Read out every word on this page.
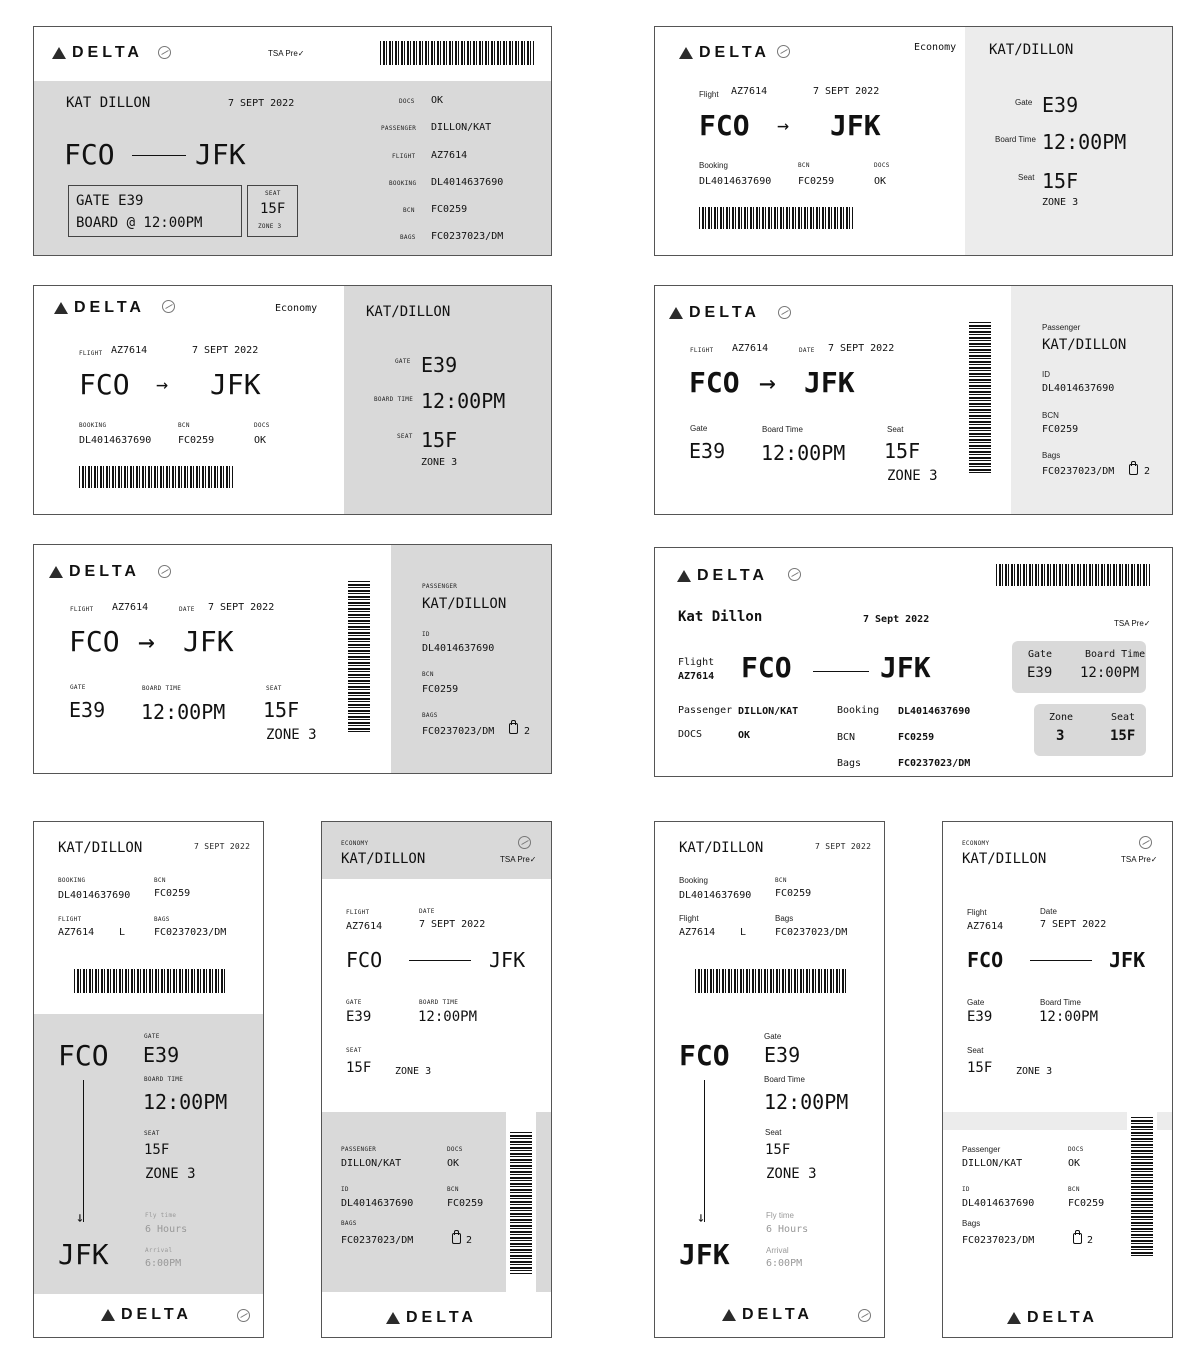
DELTA	TSA Pre✓
KAT DILLON	7 SEPT 2022
FCO	JFK
GATE E39
BOARD @ 12:00PM
SEAT
15F
ZONE 3
DOCS OK
PASSENGER DILLON/KAT
FLIGHT AZ7614
BOOKING DL4014637690
BCN FC0259
BAGS FC0237023/DM
DELTA	Economy KAT/DILLON
Flight AZ7614	7 SEPT 2022
FCO → JFK
Booking	BCN	DOCS
DL4014637690	FC0259	OK
Gate E39
Board Time 12:00PM
Seat 15F
ZONE 3
DELTA	Economy	KAT/DILLON
FLIGHT AZ7614	7 SEPT 2022
FCO → JFK
BOOKING	BCN	DOCS
DL4014637690	FC0259	OK
GATE E39
BOARD TIME 12:00PM
SEAT 15F
ZONE 3
DELTA
FLIGHT AZ7614	DATE 7 SEPT 2022
FCO → JFK
Gate	Board Time	Seat
E39 12:00PM 15F
ZONE 3
Passenger
KAT/DILLON
ID
DL4014637690
BCN
FC0259
Bags
FC0237023/DM	2
DELTA
FLIGHT AZ7614	DATE 7 SEPT 2022
FCO → JFK
GATE	BOARD TIME	SEAT
E39 12:00PM 15F
ZONE 3
PASSENGER
KAT/DILLON
ID
DL4014637690
BCN
FC0259
BAGS
FC0237023/DM	2
DELTA
Kat Dillon	7 Sept 2022	TSA Pre✓
Flight
AZ7614 FCO	JFK
Passenger DILLON/KAT
DOCS	OK
Booking DL4014637690
BCN	FC0259
Bags	FC0237023/DM
Gate	Board Time
E39 12:00PM
Zone	Seat
3	15F
KAT/DILLON	7 SEPT 2022
BOOKING
DL4014637690
BCN
FC0259
FLIGHT
AZ7614 L
BAGS
FC0237023/DM
FCO
→
JFK
GATE
E39
BOARD TIME
12:00PM
SEAT
15F
ZONE 3
Fly time
6 Hours
Arrival
6:00PM
DELTA
ECONOMY
KAT/DILLON	TSA Pre✓
FLIGHT
AZ7614
DATE
7 SEPT 2022
FCO	JFK
GATE
E39
BOARD TIME
12:00PM
SEAT
15F ZONE 3
PASSENGER
DILLON/KAT
DOCS
OK
ID
DL4014637690
BCN
FC0259
BAGS
FC0237023/DM	2
DELTA
KAT/DILLON	7 SEPT 2022
Booking
DL4014637690
BCN
FC0259
Flight
AZ7614 L
Bags
FC0237023/DM
FCO
→
JFK
Gate
E39
Board Time
12:00PM
Seat
15F
ZONE 3
Fly time
6 Hours
Arrival
6:00PM
DELTA
ECONOMY
KAT/DILLON	TSA Pre✓
Flight
AZ7614
Date
7 SEPT 2022
FCO	JFK
Gate
E39
Board Time
12:00PM
Seat
15F ZONE 3
Passenger
DILLON/KAT
DOCS
OK
ID
DL4014637690
BCN
FC0259
Bags
FC0237023/DM	2
DELTA
